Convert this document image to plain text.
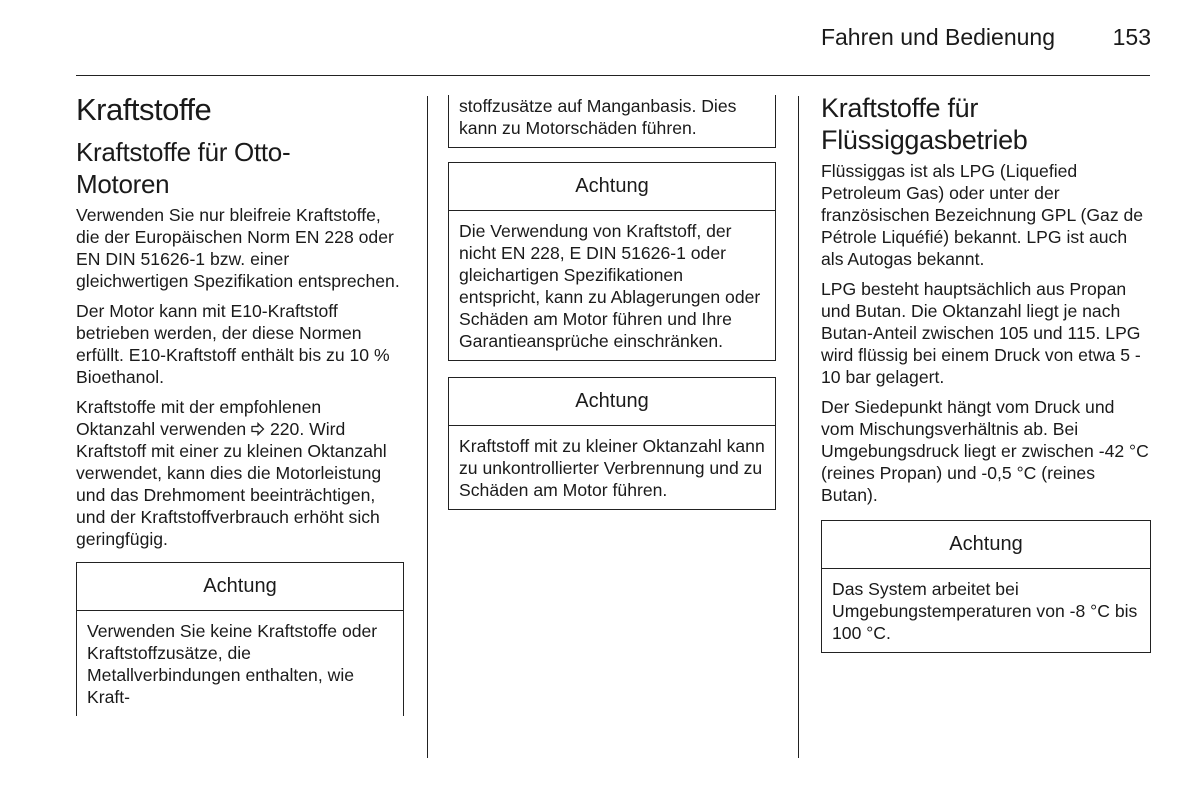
Fahren und Bedienung	153
Kraftstoffe
Kraftstoffe für Otto-Motoren

Verwenden Sie nur bleifreie Kraftstoffe, die der Europäischen Norm EN 228 oder EN DIN 51626-1 bzw. einer gleichwertigen Spezifikation entsprechen.

Der Motor kann mit E10-Kraftstoff betrieben werden, der diese Normen erfüllt. E10-Kraftstoff enthält bis zu 10 % Bioethanol.

Kraftstoffe mit der empfohlenen Oktanzahl verwenden 220. Wird Kraftstoff mit einer zu kleinen Oktanzahl verwendet, kann dies die Motorleistung und das Drehmoment beeinträchtigen, und der Kraftstoffverbrauch erhöht sich geringfügig.

Achtung
Verwenden Sie keine Kraftstoffe oder Kraftstoffzusätze, die Metallverbindungen enthalten, wie Kraft-
stoffzusätze auf Manganbasis. Dies kann zu Motorschäden führen.
Achtung
Die Verwendung von Kraftstoff, der nicht EN 228, E DIN 51626-1 oder gleichartigen Spezifikationen entspricht, kann zu Ablagerungen oder Schäden am Motor führen und Ihre Garantieansprüche einschränken.
Achtung
Kraftstoff mit zu kleiner Oktanzahl kann zu unkontrollierter Verbrennung und zu Schäden am Motor führen.
Kraftstoffe für Flüssiggasbetrieb

Flüssiggas ist als LPG (Liquefied Petroleum Gas) oder unter der französischen Bezeichnung GPL (Gaz de Pétrole Liquéfié) bekannt. LPG ist auch als Autogas bekannt.

LPG besteht hauptsächlich aus Propan und Butan. Die Oktanzahl liegt je nach Butan-Anteil zwischen 105 und 115. LPG wird flüssig bei einem Druck von etwa 5 - 10 bar gelagert.

Der Siedepunkt hängt vom Druck und vom Mischungsverhältnis ab. Bei Umgebungsdruck liegt er zwischen -42 °C (reines Propan) und -0,5 °C (reines Butan).

Achtung
Das System arbeitet bei Umgebungstemperaturen von -8 °C bis 100 °C.
